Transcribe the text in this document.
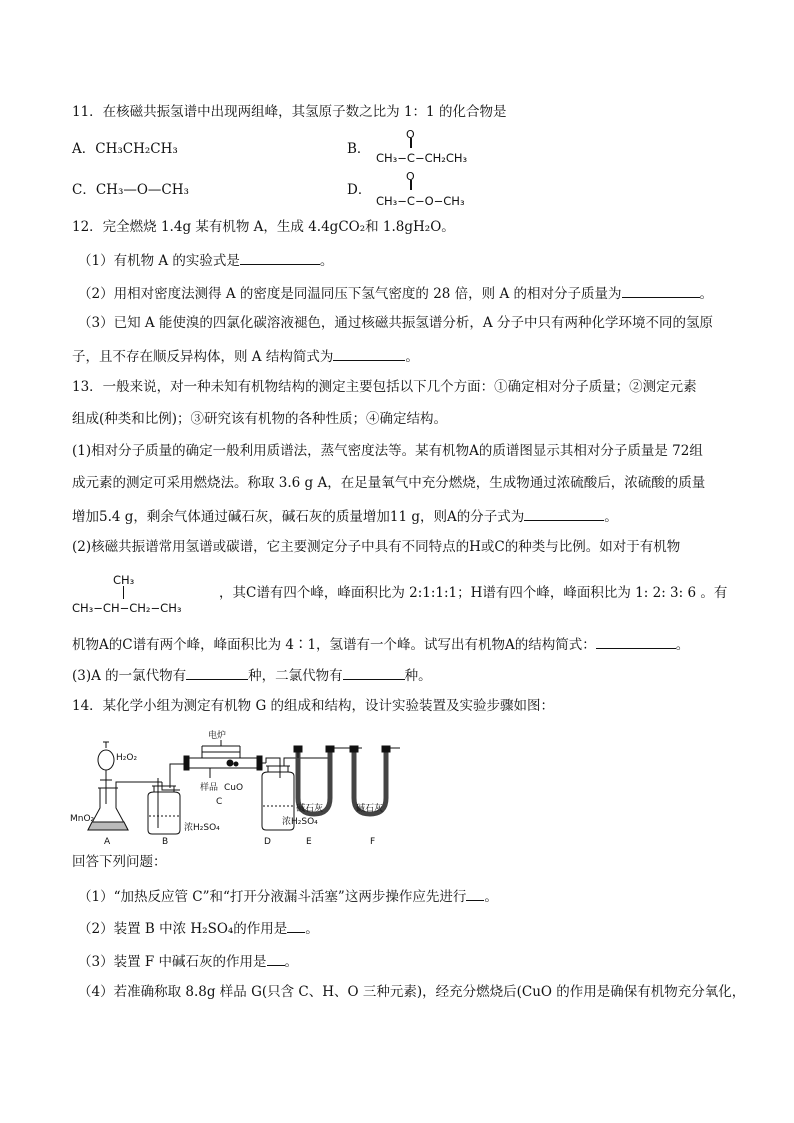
11．在核磁共振氢谱中出现两组峰，其氢原子数之比为 1：1 的化合物是
A．CH₃CH₂CH₃	B．
O
CH₃−C−CH₂CH₃
C．CH₃—O—CH₃	D．
O
CH₃−C−O−CH₃
12．完全燃烧 1.4g 某有机物 A，生成 4.4gCO₂和 1.8gH₂O。
（1）有机物 A 的实验式是	。
（2）用相对密度法测得 A 的密度是同温同压下氢气密度的 28 倍，则 A 的相对分子质量为	。
（3）已知 A 能使溴的四氯化碳溶液褪色，通过核磁共振氢谱分析，A 分子中只有两种化学环境不同的氢原
子，且不存在顺反异构体，则 A 结构简式为	。
13．一般来说，对一种未知有机物结构的测定主要包括以下几个方面：①确定相对分子质量；②测定元素
组成(种类和比例)；③研究该有机物的各种性质；④确定结构。
(1)相对分子质量的确定一般利用质谱法，蒸气密度法等。某有机物A的质谱图显示其相对分子质量是 72组
成元素的测定可采用燃烧法。称取 3.6 g A，在足量氧气中充分燃烧，生成物通过浓硫酸后，浓硫酸的质量
增加5.4 g，剩余气体通过碱石灰，碱石灰的质量增加11 g，则A的分子式为	。
(2)核磁共振谱常用氢谱或碳谱，它主要测定分子中具有不同特点的H或C的种类与比例。如对于有机物
CH₃
CH₃−CH−CH₂−CH₃
，其C谱有四个峰，峰面积比为 2:1:1:1；H谱有四个峰，峰面积比为 1: 2: 3: 6 。有
机物A的C谱有两个峰，峰面积比为 4∶1，氢谱有一个峰。试写出有机物A的结构简式：	。
(3)A 的一氯代物有	种，二氯代物有	种。
14．某化学小组为测定有机物 G 的组成和结构，设计实验装置及实验步骤如图：
H₂O₂
MnO₂
电炉
样品 CuO
浓H₂SO₄
浓H₂SO₄
碱石灰	碱石灰
A	B
C
D	E	F
回答下列问题：
（1）“加热反应管 C”和“打开分液漏斗活塞”这两步操作应先进行 。
（2）装置 B 中浓 H₂SO₄的作用是 。
（3）装置 F 中碱石灰的作用是 。
（4）若准确称取 8.8g 样品 G(只含 C、H、O 三种元素)，经充分燃烧后(CuO 的作用是确保有机物充分氧化，
